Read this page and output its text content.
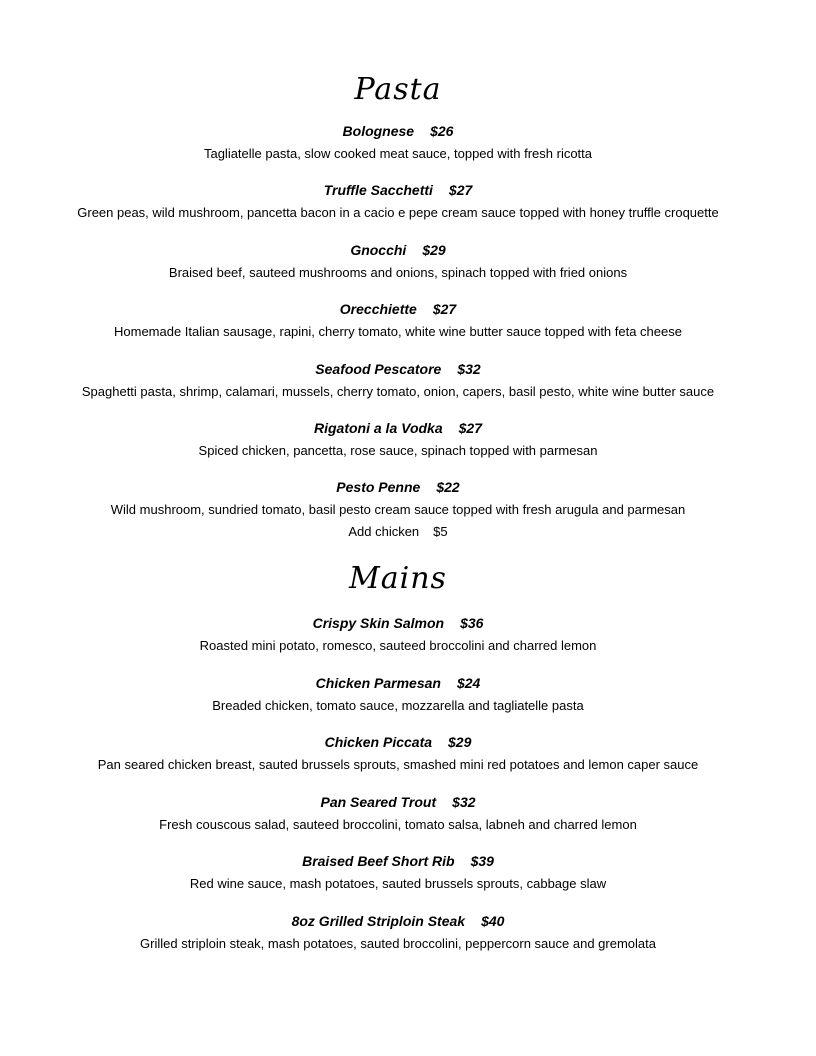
Pasta
Bolognese $26
Tagliatelle pasta, slow cooked meat sauce, topped with fresh ricotta
Truffle Sacchetti $27
Green peas, wild mushroom, pancetta bacon in a cacio e pepe cream sauce topped with honey truffle croquette
Gnocchi $29
Braised beef, sauteed mushrooms and onions, spinach topped with fried onions
Orecchiette $27
Homemade Italian sausage, rapini, cherry tomato, white wine butter sauce topped with feta cheese
Seafood Pescatore $32
Spaghetti pasta, shrimp, calamari, mussels, cherry tomato, onion, capers, basil pesto, white wine butter sauce
Rigatoni a la Vodka $27
Spiced chicken, pancetta, rose sauce, spinach topped with parmesan
Pesto Penne $22
Wild mushroom, sundried tomato, basil pesto cream sauce topped with fresh arugula and parmesan
Add chicken $5
Mains
Crispy Skin Salmon $36
Roasted mini potato, romesco, sauteed broccolini and charred lemon
Chicken Parmesan $24
Breaded chicken, tomato sauce, mozzarella and tagliatelle pasta
Chicken Piccata $29
Pan seared chicken breast, sauted brussels sprouts, smashed mini red potatoes and lemon caper sauce
Pan Seared Trout $32
Fresh couscous salad, sauteed broccolini, tomato salsa, labneh and charred lemon
Braised Beef Short Rib $39
Red wine sauce, mash potatoes, sauted brussels sprouts, cabbage slaw
8oz Grilled Striploin Steak $40
Grilled striploin steak, mash potatoes, sauted broccolini, peppercorn sauce and gremolata
